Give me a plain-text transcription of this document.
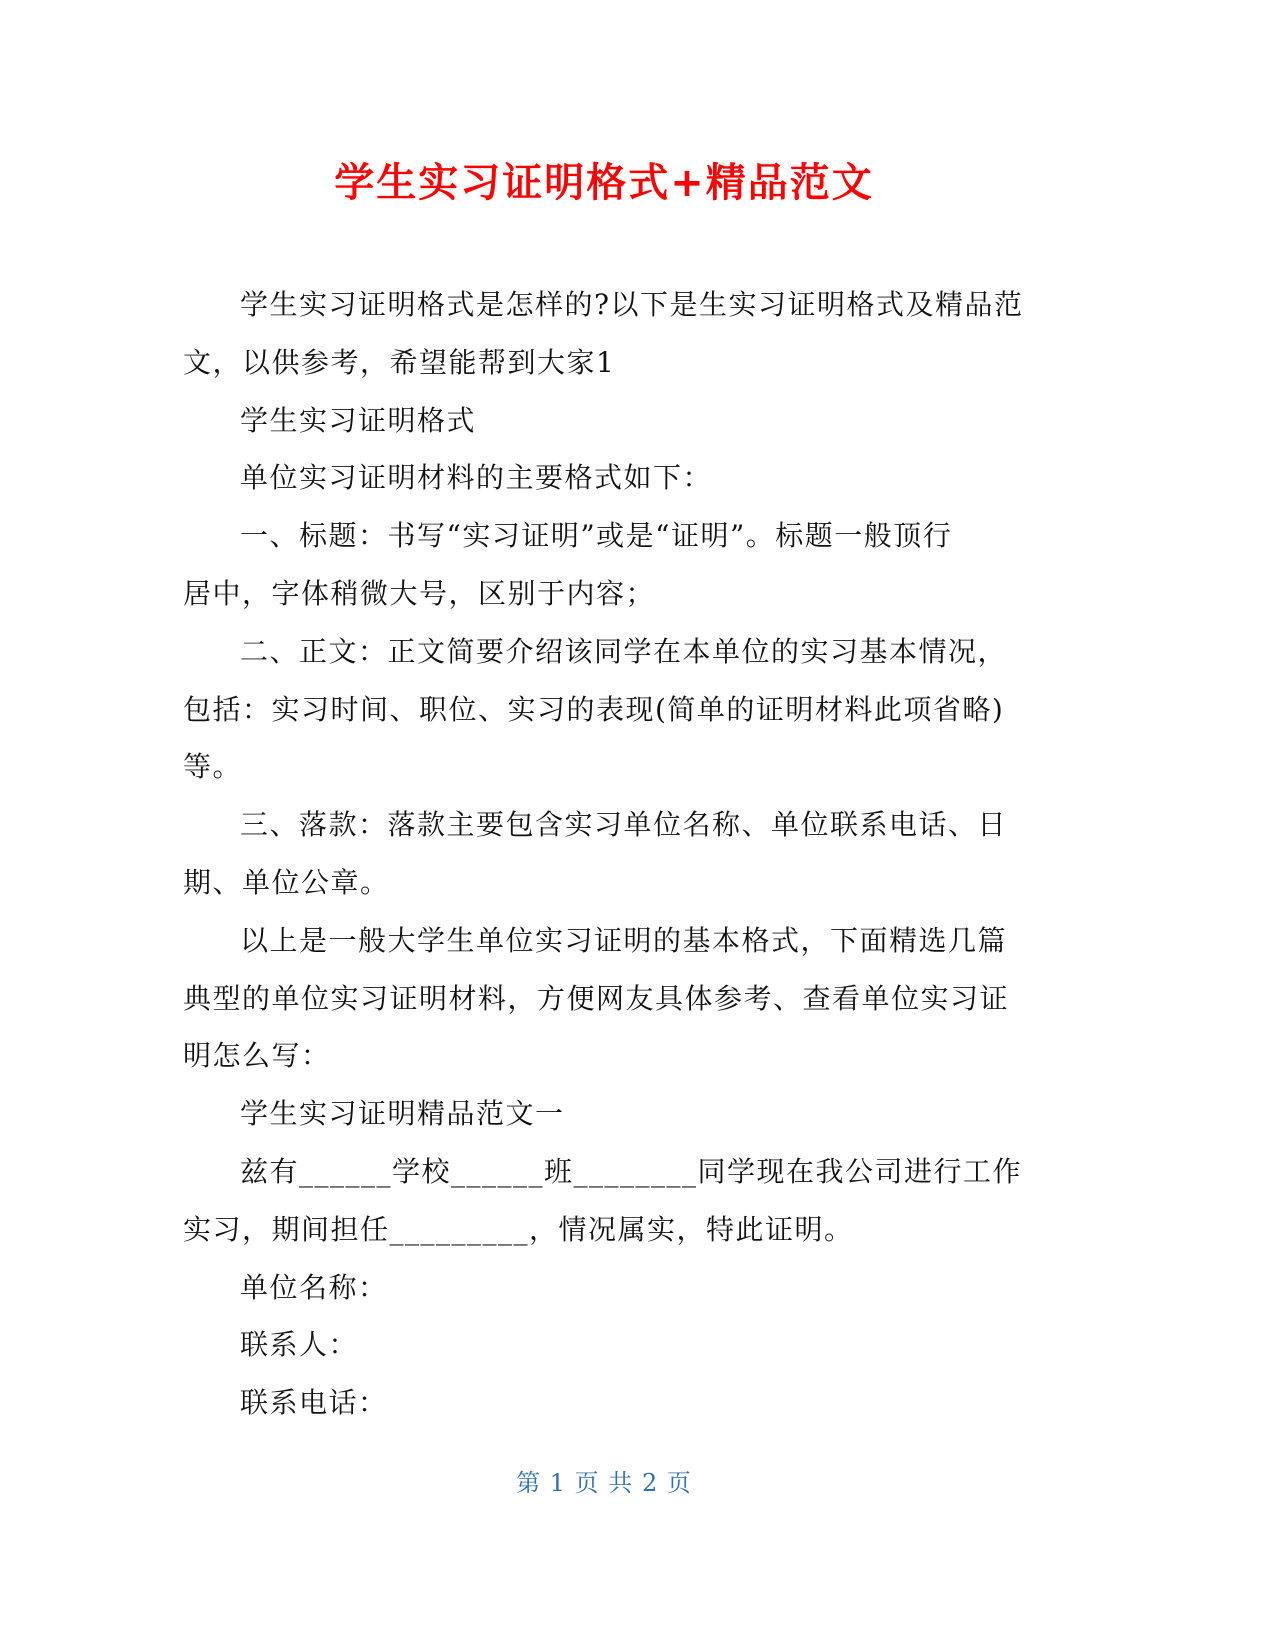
学生实习证明格式+精品范文
学生实习证明格式是怎样的?以下是生实习证明格式及精品范
文，以供参考，希望能帮到大家1
学生实习证明格式
单位实习证明材料的主要格式如下：
一、标题：书写“实习证明”或是“证明”。标题一般顶行
居中，字体稍微大号，区别于内容；
二、正文：正文简要介绍该同学在本单位的实习基本情况，
包括：实习时间、职位、实习的表现(简单的证明材料此项省略)
等。
三、落款：落款主要包含实习单位名称、单位联系电话、日
期、单位公章。
以上是一般大学生单位实习证明的基本格式，下面精选几篇
典型的单位实习证明材料，方便网友具体参考、查看单位实习证
明怎么写：
学生实习证明精品范文一
兹有______学校______班________同学现在我公司进行工作
实习，期间担任_________，情况属实，特此证明。
单位名称：
联系人：
联系电话：
第 1 页 共 2 页
